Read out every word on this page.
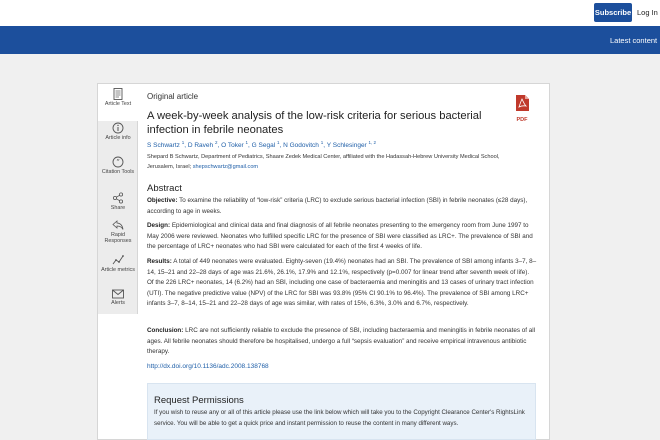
Subscribe Log In
Latest content
Article Text
Article info
”
Citation Tools
Share
Rapid Responses
Article metrics
Alerts
Original article
A week-by-week analysis of the low-risk criteria for serious bacterial infection in febrile neonates
S Schwartz $^1$, D Raveh $^2$, O Toker $^1$, G Segal $^1$, N Godovitch $^1$, Y Schlesinger $^{1, 2}$
Shepard B Schwartz, Department of Pediatrics, Shaare Zedek Medical Center, affiliated with the Hadassah-Hebrew University Medical School, Jerusalem, Israel; shepschwartz@gmail.com
PDF
Abstract
Objective: To examine the reliability of “low-risk” criteria (LRC) to exclude serious bacterial infection (SBI) in febrile neonates (≤28 days), according to age in weeks.
Design: Epidemiological and clinical data and final diagnosis of all febrile neonates presenting to the emergency room from June 1997 to May 2006 were reviewed. Neonates who fulfilled specific LRC for the presence of SBI were classified as LRC+. The prevalence of SBI and the percentage of LRC+ neonates who had SBI were calculated for each of the first 4 weeks of life.
Results: A total of 449 neonates were evaluated. Eighty-seven (19.4%) neonates had an SBI. The prevalence of SBI among infants 3–7, 8–14, 15–21 and 22–28 days of age was 21.6%, 26.1%, 17.9% and 12.1%, respectively (p=0.007 for linear trend after seventh week of life). Of the 226 LRC+ neonates, 14 (6.2%) had an SBI, including one case of bacteraemia and meningitis and 13 cases of urinary tract infection (UTI). The negative predictive value (NPV) of the LRC for SBI was 93.8% (95% CI 90.1% to 96.4%). The prevalence of SBI among LRC+ infants 3–7, 8–14, 15–21 and 22–28 days of age was similar, with rates of 15%, 6.3%, 3.0% and 6.7%, respectively.
Conclusion: LRC are not sufficiently reliable to exclude the presence of SBI, including bacteraemia and meningitis in febrile neonates of all ages. All febrile neonates should therefore be hospitalised, undergo a full “sepsis evaluation” and receive empirical intravenous antibiotic therapy.
http://dx.doi.org/10.1136/adc.2008.138768
Request Permissions
If you wish to reuse any or all of this article please use the link below which will take you to the Copyright Clearance Center's RightsLink service. You will be able to get a quick price and instant permission to reuse the content in many different ways.
